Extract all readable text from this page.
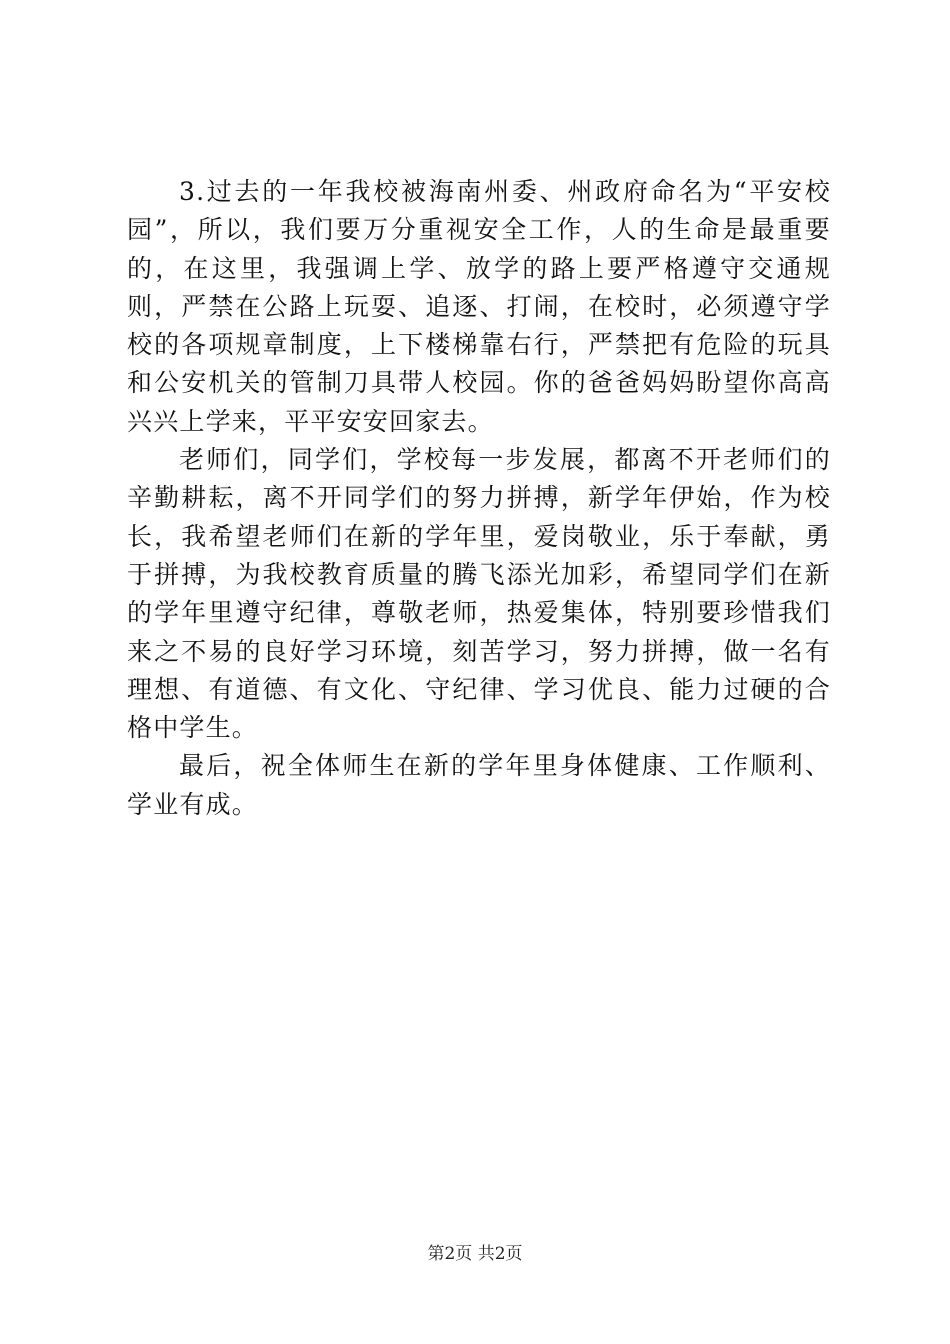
3.过去的一年我校被海南州委、州政府命名为“平安校园”，所以，我们要万分重视安全工作，人的生命是最重要的，在这里，我强调上学、放学的路上要严格遵守交通规则，严禁在公路上玩耍、追逐、打闹，在校时，必须遵守学校的各项规章制度，上下楼梯靠右行，严禁把有危险的玩具和公安机关的管制刀具带人校园。你的爸爸妈妈盼望你高高兴兴上学来，平平安安回家去。

老师们，同学们，学校每一步发展，都离不开老师们的辛勤耕耘，离不开同学们的努力拼搏，新学年伊始，作为校长，我希望老师们在新的学年里，爱岗敬业，乐于奉献，勇于拼搏，为我校教育质量的腾飞添光加彩，希望同学们在新的学年里遵守纪律，尊敬老师，热爱集体，特别要珍惜我们来之不易的良好学习环境，刻苦学习，努力拼搏，做一名有理想、有道德、有文化、守纪律、学习优良、能力过硬的合格中学生。

最后，祝全体师生在新的学年里身体健康、工作顺利、学业有成。

第2页 共2页
